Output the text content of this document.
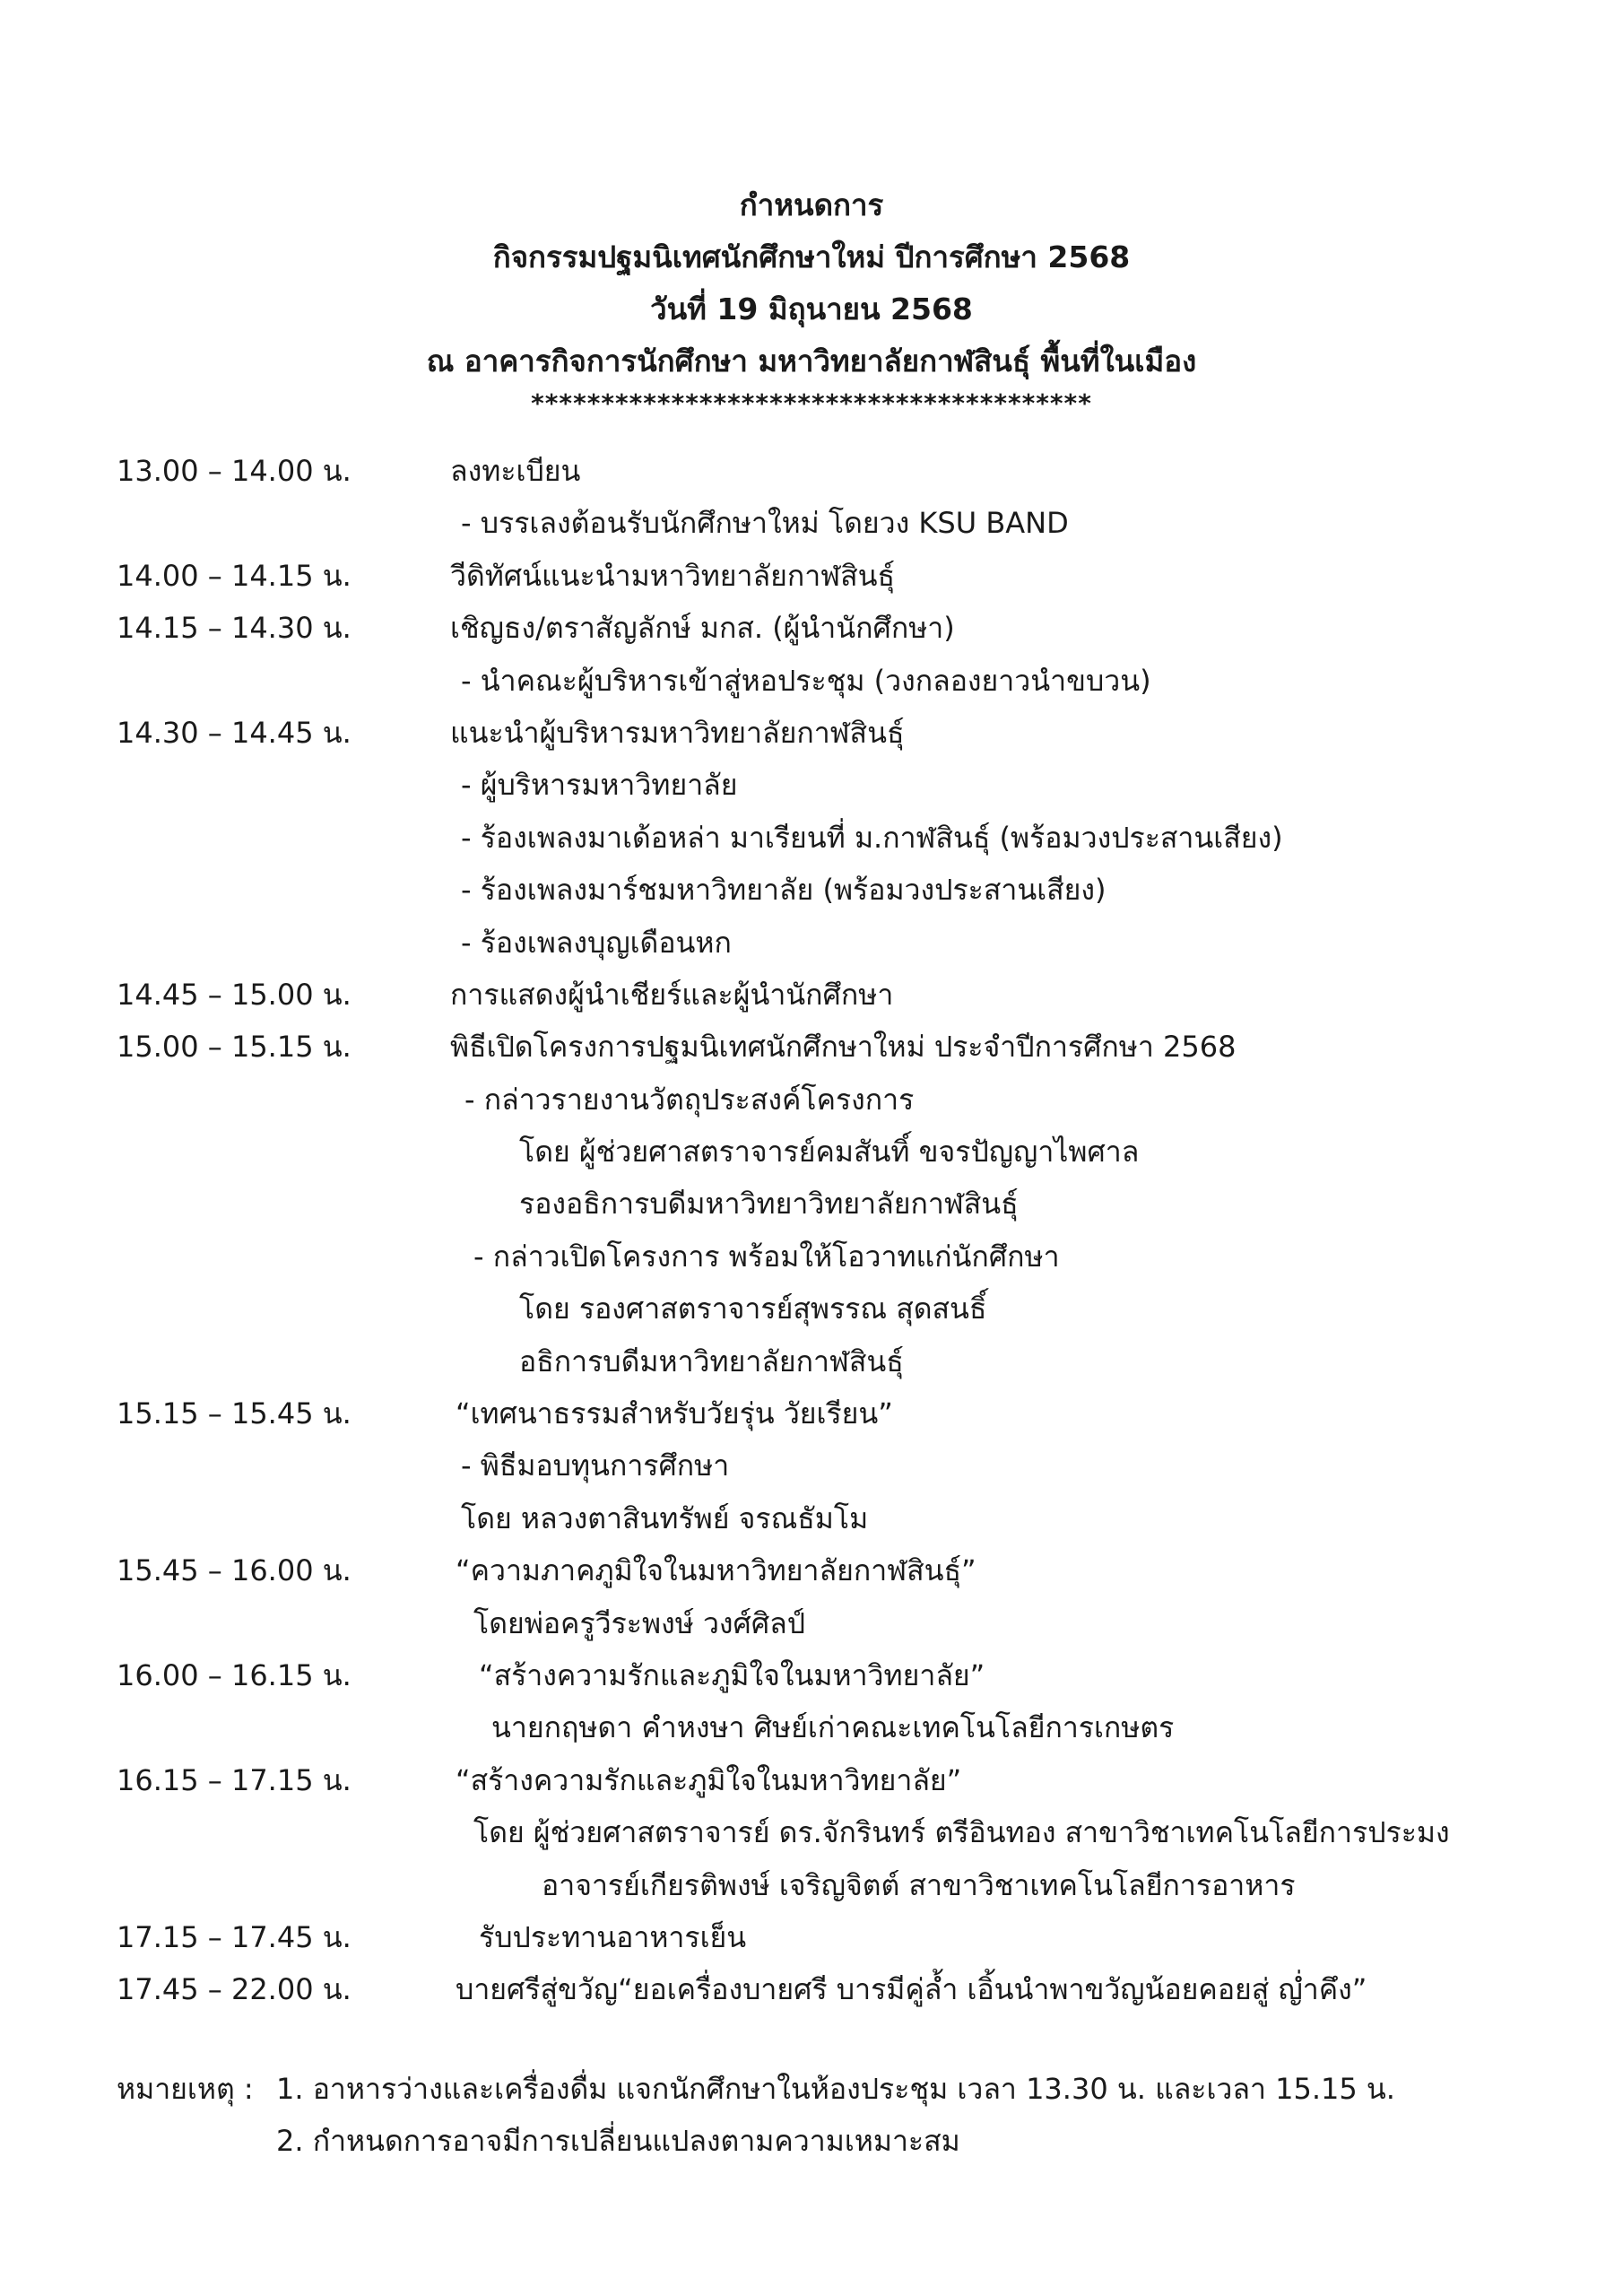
กำหนดการ
กิจกรรมปฐมนิเทศนักศึกษาใหม่ ปีการศึกษา 2568
วันที่ 19 มิถุนายน 2568
ณ อาคารกิจการนักศึกษา มหาวิทยาลัยกาฬสินธุ์ พื้นที่ในเมือง
****************************************
13.00 – 14.00 น.	ลงทะเบียน
- บรรเลงต้อนรับนักศึกษาใหม่ โดยวง KSU BAND
14.00 – 14.15 น.	วีดิทัศน์แนะนำมหาวิทยาลัยกาฬสินธุ์
14.15 – 14.30 น.	เชิญธง/ตราสัญลักษ์ มกส. (ผู้นำนักศึกษา)
- นำคณะผู้บริหารเข้าสู่หอประชุม (วงกลองยาวนำขบวน)
14.30 – 14.45 น.	แนะนำผู้บริหารมหาวิทยาลัยกาฬสินธุ์
- ผู้บริหารมหาวิทยาลัย
- ร้องเพลงมาเด้อหล่า มาเรียนที่ ม.กาฬสินธุ์ (พร้อมวงประสานเสียง)
- ร้องเพลงมาร์ชมหาวิทยาลัย (พร้อมวงประสานเสียง)
- ร้องเพลงบุญเดือนหก
14.45 – 15.00 น.	การแสดงผู้นำเชียร์และผู้นำนักศึกษา
15.00 – 15.15 น.	พิธีเปิดโครงการปฐมนิเทศนักศึกษาใหม่ ประจำปีการศึกษา 2568
- กล่าวรายงานวัตถุประสงค์โครงการ
โดย ผู้ช่วยศาสตราจารย์คมสันทิ์ ขจรปัญญาไพศาล
รองอธิการบดีมหาวิทยาวิทยาลัยกาฬสินธุ์
- กล่าวเปิดโครงการ พร้อมให้โอวาทแก่นักศึกษา
โดย รองศาสตราจารย์สุพรรณ สุดสนธิ์
อธิการบดีมหาวิทยาลัยกาฬสินธุ์
15.15 – 15.45 น.	“เทศนาธรรมสำหรับวัยรุ่น วัยเรียน”
- พิธีมอบทุนการศึกษา
โดย หลวงตาสินทรัพย์ จรณธัมโม
15.45 – 16.00 น.	“ความภาคภูมิใจในมหาวิทยาลัยกาฬสินธุ์”
โดยพ่อครูวีระพงษ์ วงศ์ศิลป์
16.00 – 16.15 น.	“สร้างความรักและภูมิใจในมหาวิทยาลัย”
นายกฤษดา คำหงษา ศิษย์เก่าคณะเทคโนโลยีการเกษตร
16.15 – 17.15 น.	“สร้างความรักและภูมิใจในมหาวิทยาลัย”
โดย ผู้ช่วยศาสตราจารย์ ดร.จักรินทร์ ตรีอินทอง สาขาวิชาเทคโนโลยีการประมง
อาจารย์เกียรติพงษ์ เจริญจิตต์ สาขาวิชาเทคโนโลยีการอาหาร
17.15 – 17.45 น.	รับประทานอาหารเย็น
17.45 – 22.00 น.	บายศรีสู่ขวัญ“ยอเครื่องบายศรี บารมีคู่ล้ำ เอิ้นนำพาขวัญน้อยคอยสู่ ญ่ำคึง”
หมายเหตุ : 1. อาหารว่างและเครื่องดื่ม แจกนักศึกษาในห้องประชุม เวลา 13.30 น. และเวลา 15.15 น.
2. กำหนดการอาจมีการเปลี่ยนแปลงตามความเหมาะสม
